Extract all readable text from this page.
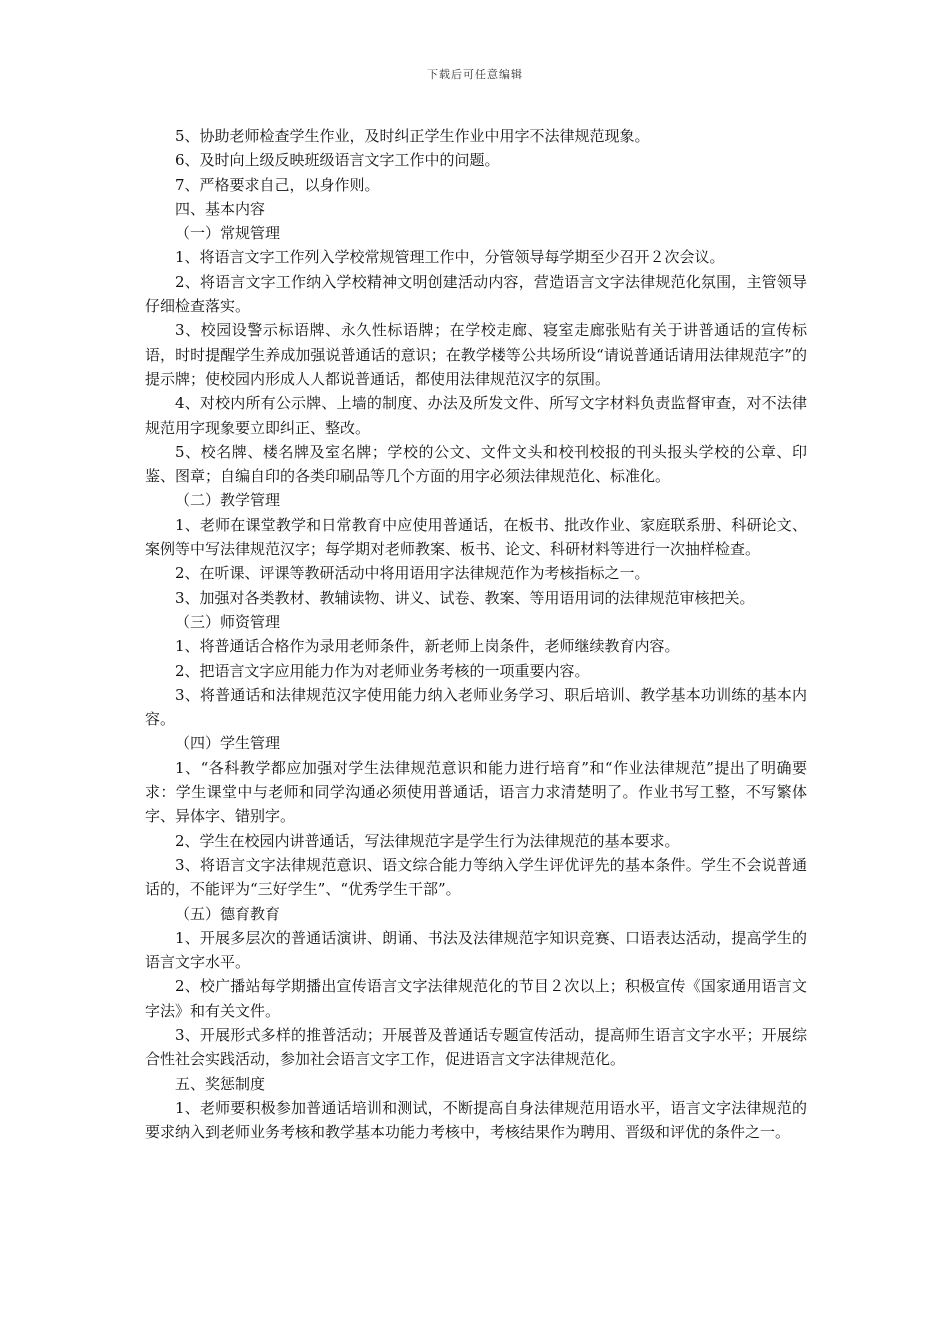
下载后可任意编辑

5、协助老师检查学生作业，及时纠正学生作业中用字不法律规范现象。

6、及时向上级反映班级语言文字工作中的问题。

7、严格要求自己，以身作则。

四、基本内容

（一）常规管理

1、将语言文字工作列入学校常规管理工作中，分管领导每学期至少召开２次会议。

2、将语言文字工作纳入学校精神文明创建活动内容，营造语言文字法律规范化氛围，主管领导仔细检查落实。

3、校园设警示标语牌、永久性标语牌；在学校走廊、寝室走廊张贴有关于讲普通话的宣传标语，时时提醒学生养成加强说普通话的意识；在教学楼等公共场所设“请说普通话请用法律规范字”的提示牌；使校园内形成人人都说普通话，都使用法律规范汉字的氛围。

4、对校内所有公示牌、上墙的制度、办法及所发文件、所写文字材料负责监督审查，对不法律规范用字现象要立即纠正、整改。

5、校名牌、楼名牌及室名牌；学校的公文、文件文头和校刊校报的刊头报头学校的公章、印鉴、图章；自编自印的各类印刷品等几个方面的用字必须法律规范化、标准化。

（二）教学管理

1、老师在课堂教学和日常教育中应使用普通话，在板书、批改作业、家庭联系册、科研论文、案例等中写法律规范汉字；每学期对老师教案、板书、论文、科研材料等进行一次抽样检查。

2、在听课、评课等教研活动中将用语用字法律规范作为考核指标之一。

3、加强对各类教材、教辅读物、讲义、试卷、教案、等用语用词的法律规范审核把关。

（三）师资管理

1、将普通话合格作为录用老师条件，新老师上岗条件，老师继续教育内容。

2、把语言文字应用能力作为对老师业务考核的一项重要内容。

3、将普通话和法律规范汉字使用能力纳入老师业务学习、职后培训、教学基本功训练的基本内容。

（四）学生管理

1、“各科教学都应加强对学生法律规范意识和能力进行培育”和“作业法律规范”提出了明确要求：学生课堂中与老师和同学沟通必须使用普通话，语言力求清楚明了。作业书写工整，不写繁体字、异体字、错别字。

2、学生在校园内讲普通话，写法律规范字是学生行为法律规范的基本要求。

3、将语言文字法律规范意识、语文综合能力等纳入学生评优评先的基本条件。学生不会说普通话的，不能评为“三好学生”、“优秀学生干部”。

（五）德育教育

1、开展多层次的普通话演讲、朗诵、书法及法律规范字知识竞赛、口语表达活动，提高学生的语言文字水平。

2、校广播站每学期播出宣传语言文字法律规范化的节目２次以上；积极宣传《国家通用语言文字法》和有关文件。

3、开展形式多样的推普活动；开展普及普通话专题宣传活动，提高师生语言文字水平；开展综合性社会实践活动，参加社会语言文字工作，促进语言文字法律规范化。

五、奖惩制度

1、老师要积极参加普通话培训和测试，不断提高自身法律规范用语水平，语言文字法律规范的要求纳入到老师业务考核和教学基本功能力考核中，考核结果作为聘用、晋级和评优的条件之一。
